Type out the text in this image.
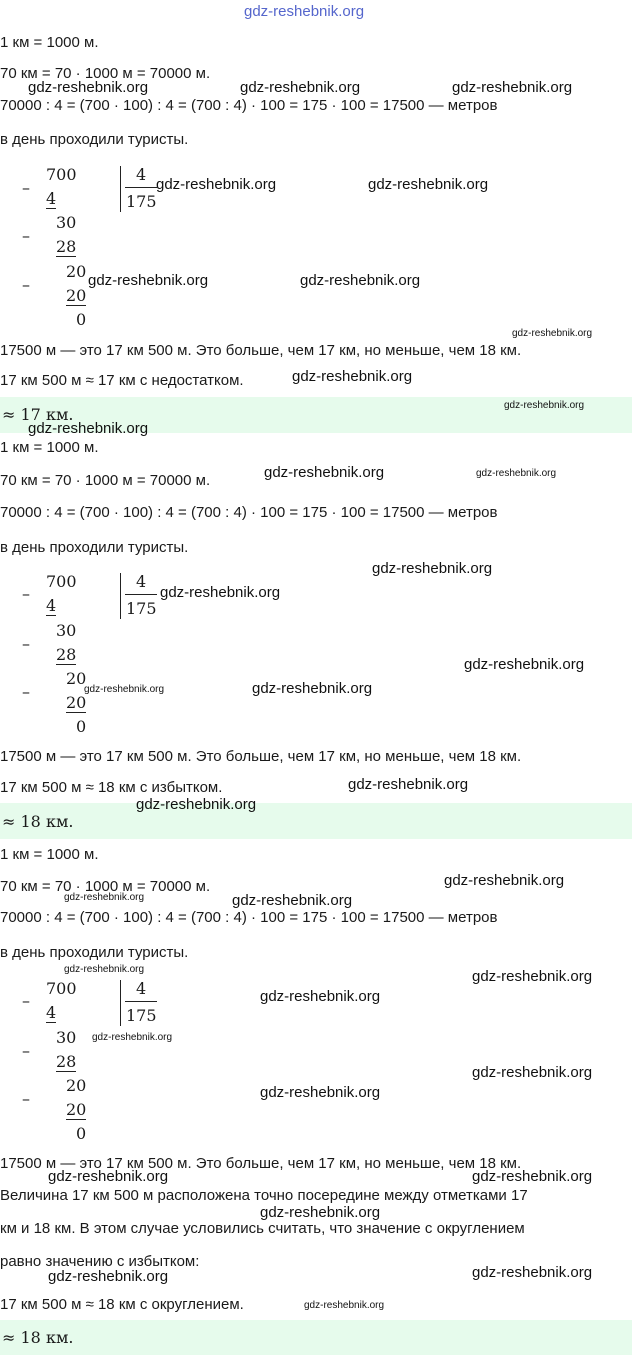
gdz-reshebnik.org
1 км = 1000 м.
70 км = 70 · 1000 м = 70000 м.
70000 : 4 = (700 · 100) : 4 = (700 : 4) · 100 = 175 · 100 = 17500 — метров
в день проходили туристы.
–
700
4
4
175
–
30
28
–
20
20
0
17500 м — это 17 км 500 м. Это больше, чем 17 км, но меньше, чем 18 км.
17 км 500 м ≈ 17 км с недостатком.
≈ 17 км.
1 км = 1000 м.
70 км = 70 · 1000 м = 70000 м.
70000 : 4 = (700 · 100) : 4 = (700 : 4) · 100 = 175 · 100 = 17500 — метров
в день проходили туристы.
–
700
4
4
175
–
30
28
–
20
20
0
17500 м — это 17 км 500 м. Это больше, чем 17 км, но меньше, чем 18 км.
17 км 500 м ≈ 18 км с избытком.
≈ 18 км.
1 км = 1000 м.
70 км = 70 · 1000 м = 70000 м.
70000 : 4 = (700 · 100) : 4 = (700 : 4) · 100 = 175 · 100 = 17500 — метров
в день проходили туристы.
–
700
4
4
175
–
30
28
–
20
20
0
17500 м — это 17 км 500 м. Это больше, чем 17 км, но меньше, чем 18 км.
Величина 17 км 500 м расположена точно посередине между отметками 17
км и 18 км. В этом случае условились считать, что значение с округлением
равно значению с избытком:
17 км 500 м ≈ 18 км с округлением.
≈ 18 км.
gdz-reshebnik.org	gdz-reshebnik.org	gdz-reshebnik.org
gdz-reshebnik.org	gdz-reshebnik.org
gdz-reshebnik.org	gdz-reshebnik.org
gdz-reshebnik.org
gdz-reshebnik.org
gdz-reshebnik.org
gdz-reshebnik.org
gdz-reshebnik.org	gdz-reshebnik.org
gdz-reshebnik.org
gdz-reshebnik.org
gdz-reshebnik.org
gdz-reshebnik.org	gdz-reshebnik.org
gdz-reshebnik.org
gdz-reshebnik.org
gdz-reshebnik.org
gdz-reshebnik.org	gdz-reshebnik.org
gdz-reshebnik.org	gdz-reshebnik.org
gdz-reshebnik.org
gdz-reshebnik.org
gdz-reshebnik.org
gdz-reshebnik.org
gdz-reshebnik.org	gdz-reshebnik.org
gdz-reshebnik.org
gdz-reshebnik.org	gdz-reshebnik.org
gdz-reshebnik.org
